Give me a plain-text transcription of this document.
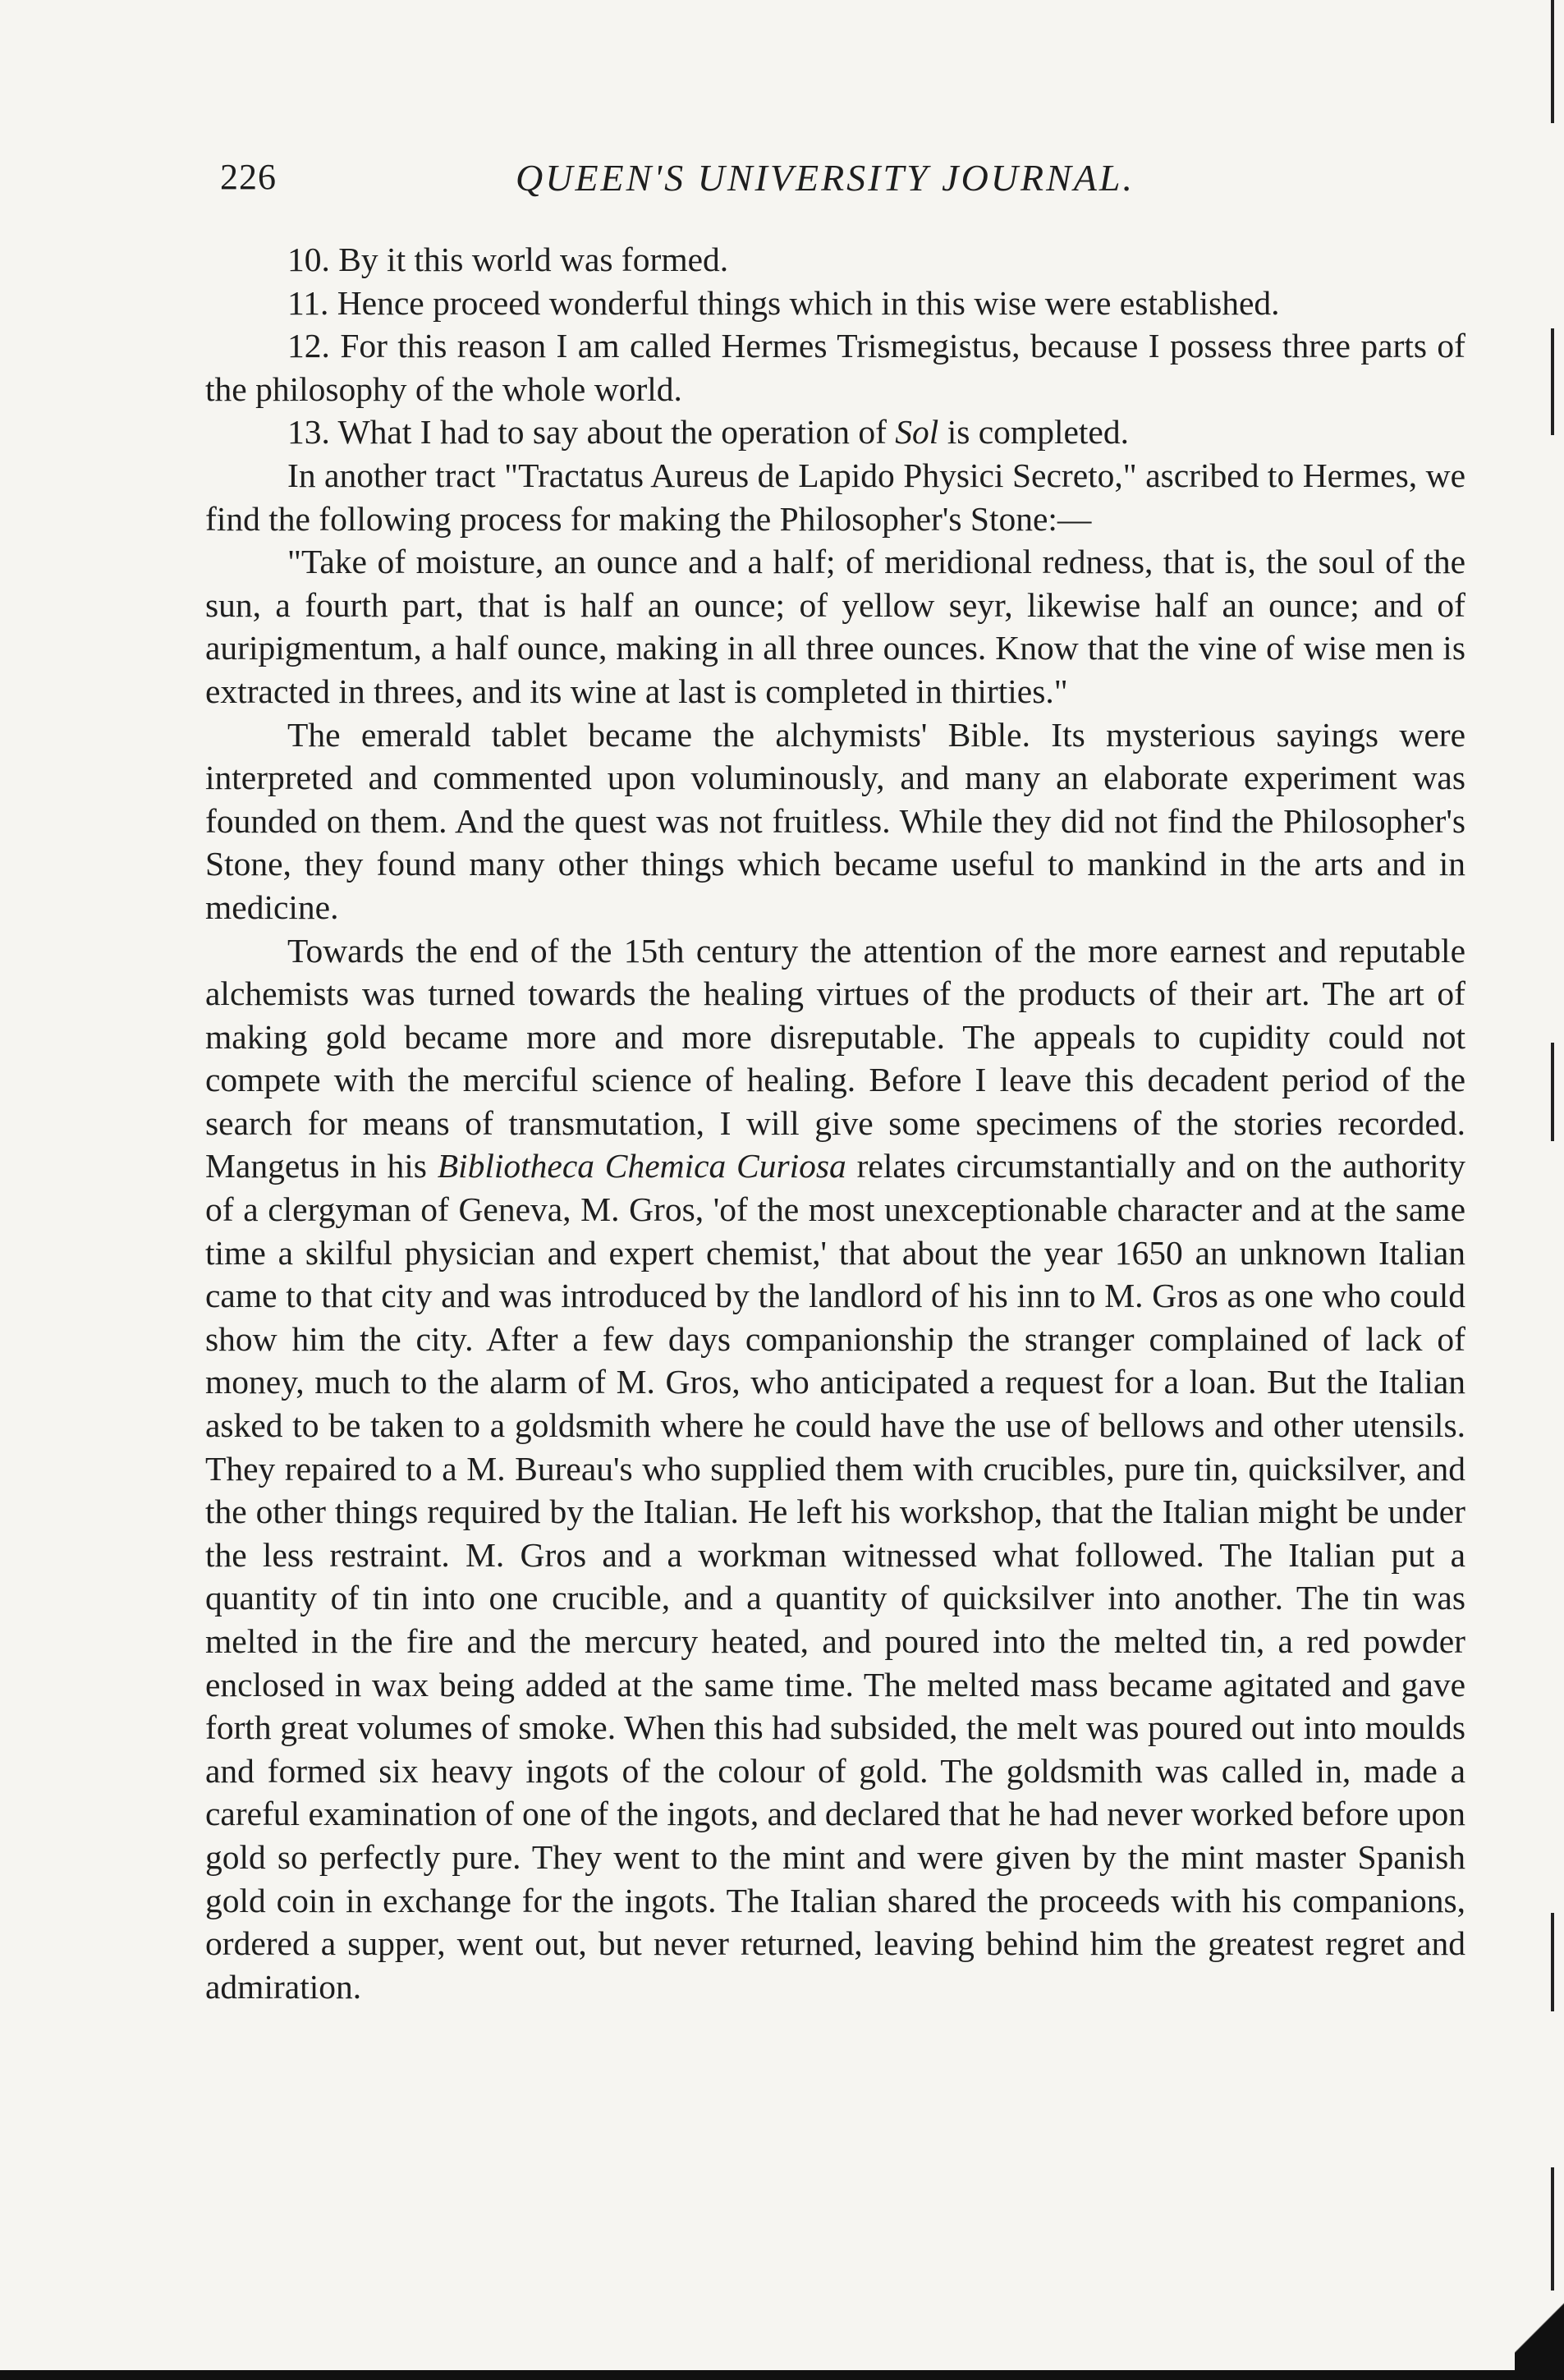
226	QUEEN'S UNIVERSITY JOURNAL.

10. By it this world was formed.

11. Hence proceed wonderful things which in this wise were established.

12. For this reason I am called Hermes Trismegistus, because I possess three parts of the philosophy of the whole world.

13. What I had to say about the operation of Sol is completed.

In another tract "Tractatus Aureus de Lapido Physici Secreto," ascribed to Hermes, we find the following process for making the Philosopher's Stone:—

"Take of moisture, an ounce and a half; of meridional redness, that is, the soul of the sun, a fourth part, that is half an ounce; of yellow seyr, likewise half an ounce; and of auripigmentum, a half ounce, making in all three ounces. Know that the vine of wise men is extracted in threes, and its wine at last is completed in thirties."

The emerald tablet became the alchymists' Bible. Its mysterious sayings were interpreted and commented upon voluminously, and many an elaborate experiment was founded on them. And the quest was not fruitless. While they did not find the Philosopher's Stone, they found many other things which became useful to mankind in the arts and in medicine.

Towards the end of the 15th century the attention of the more earnest and reputable alchemists was turned towards the healing virtues of the products of their art. The art of making gold became more and more disreputable. The appeals to cupidity could not compete with the merciful science of healing. Before I leave this decadent period of the search for means of transmutation, I will give some specimens of the stories recorded. Mangetus in his Bibliotheca Chemica Curiosa relates circumstantially and on the authority of a clergyman of Geneva, M. Gros, 'of the most unexceptionable character and at the same time a skilful physician and expert chemist,' that about the year 1650 an unknown Italian came to that city and was introduced by the landlord of his inn to M. Gros as one who could show him the city. After a few days companionship the stranger complained of lack of money, much to the alarm of M. Gros, who anticipated a request for a loan. But the Italian asked to be taken to a goldsmith where he could have the use of bellows and other utensils. They repaired to a M. Bureau's who supplied them with crucibles, pure tin, quicksilver, and the other things required by the Italian. He left his workshop, that the Italian might be under the less restraint. M. Gros and a workman witnessed what followed. The Italian put a quantity of tin into one crucible, and a quantity of quicksilver into another. The tin was melted in the fire and the mercury heated, and poured into the melted tin, a red powder enclosed in wax being added at the same time. The melted mass became agitated and gave forth great volumes of smoke. When this had subsided, the melt was poured out into moulds and formed six heavy ingots of the colour of gold. The goldsmith was called in, made a careful examination of one of the ingots, and declared that he had never worked before upon gold so perfectly pure. They went to the mint and were given by the mint master Spanish gold coin in exchange for the ingots. The Italian shared the proceeds with his companions, ordered a supper, went out, but never returned, leaving behind him the greatest regret and admiration.
